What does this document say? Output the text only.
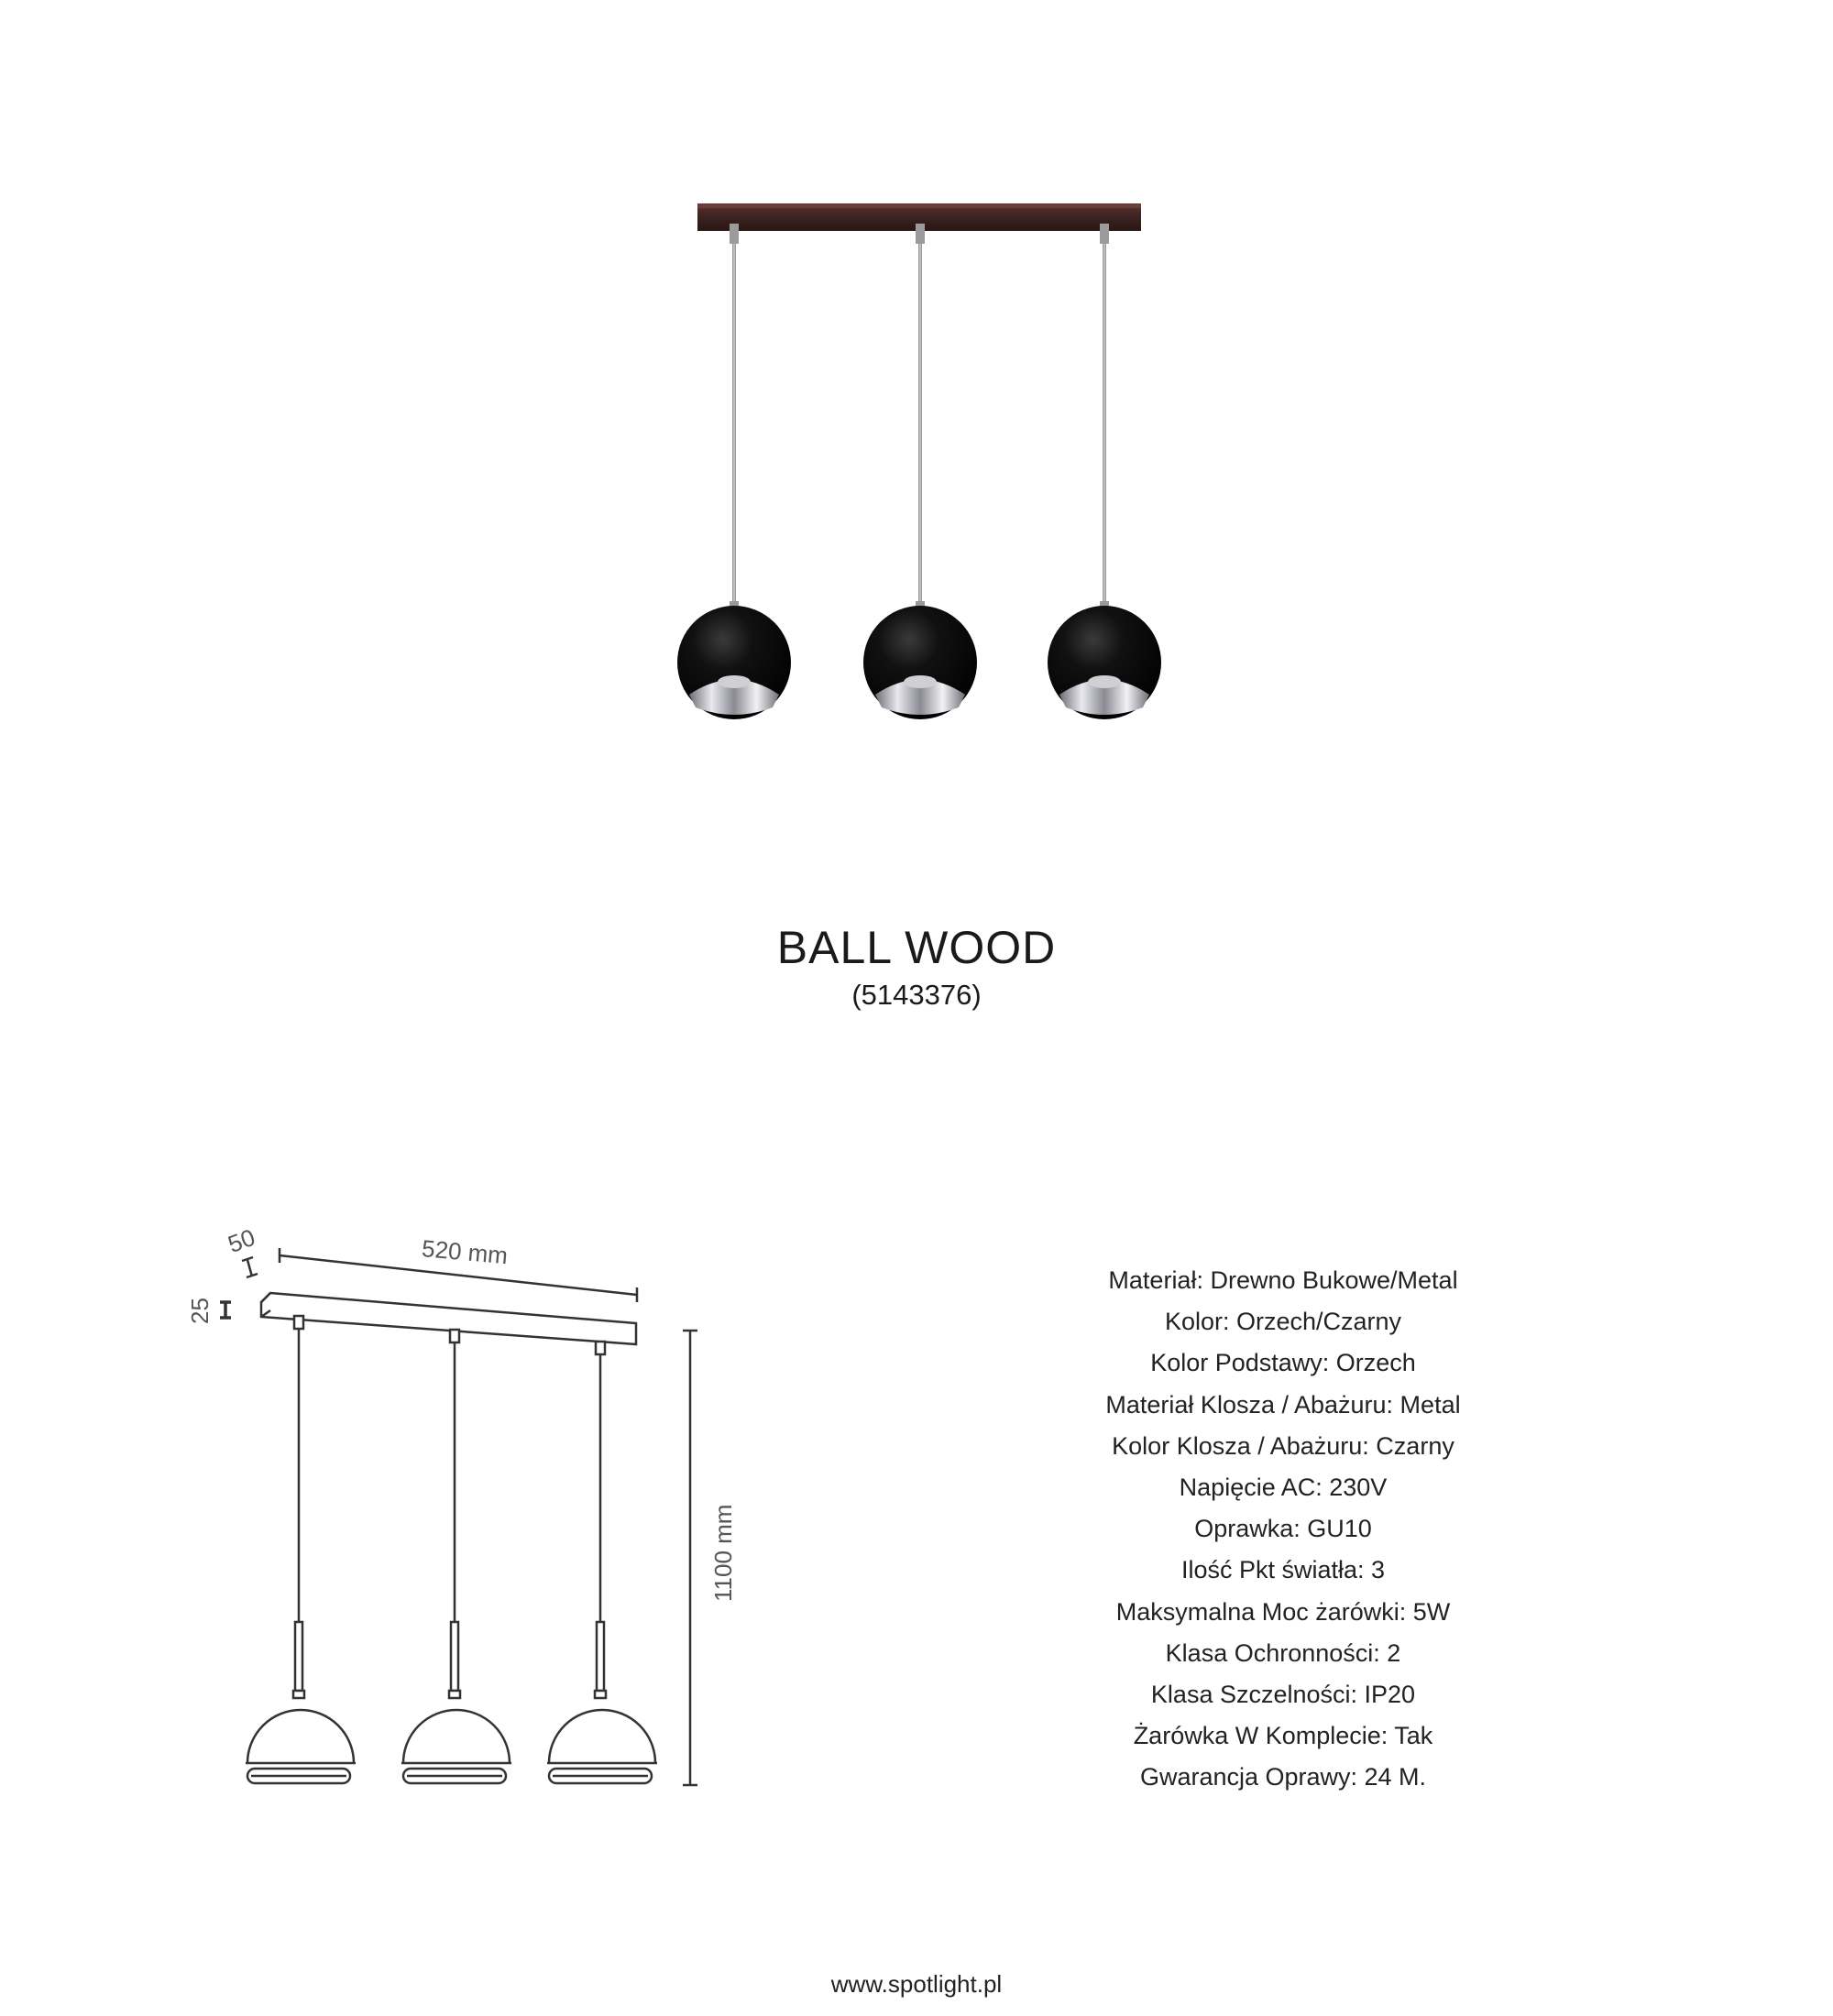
BALL WOOD
(5143376)
50	520 mm
25
1100 mm
Materiał: Drewno Bukowe/Metal
Kolor: Orzech/Czarny
Kolor Podstawy: Orzech
Materiał Klosza / Abażuru: Metal
Kolor Klosza / Abażuru: Czarny
Napięcie AC: 230V
Oprawka: GU10
Ilość Pkt światła: 3
Maksymalna Moc żarówki: 5W
Klasa Ochronności: 2
Klasa Szczelności: IP20
Żarówka W Komplecie: Tak
Gwarancja Oprawy: 24 M.
www.spotlight.pl
